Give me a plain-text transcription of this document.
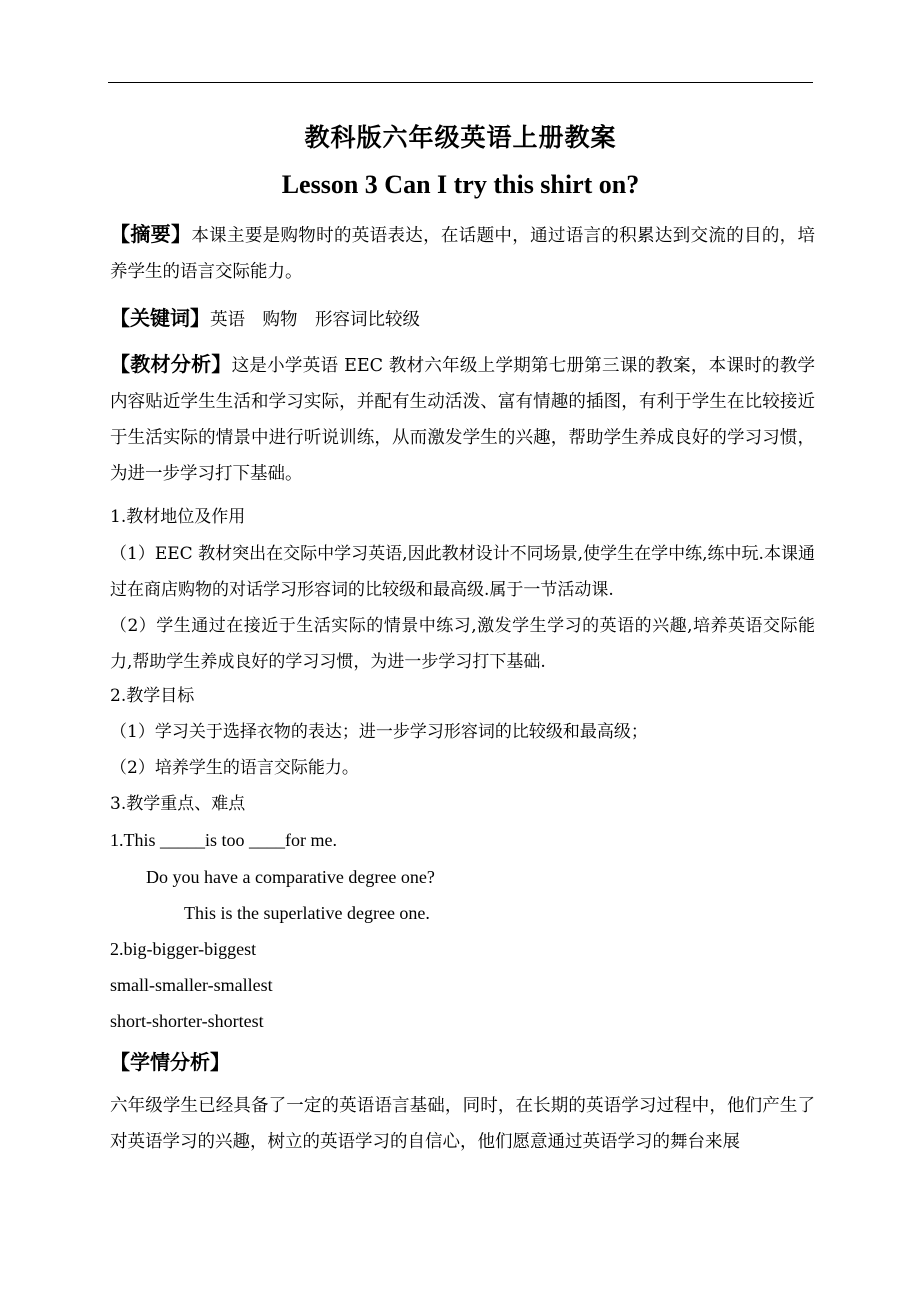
教科版六年级英语上册教案
Lesson 3 Can I try this shirt on?
【摘要】本课主要是购物时的英语表达，在话题中，通过语言的积累达到交流的目的，培养学生的语言交际能力。
【关键词】英语　购物　形容词比较级
【教材分析】这是小学英语 EEC 教材六年级上学期第七册第三课的教案，本课时的教学内容贴近学生生活和学习实际，并配有生动活泼、富有情趣的插图，有利于学生在比较接近于生活实际的情景中进行听说训练，从而激发学生的兴趣，帮助学生养成良好的学习习惯，为进一步学习打下基础。
1.教材地位及作用
（1）EEC 教材突出在交际中学习英语,因此教材设计不同场景,使学生在学中练,练中玩.本课通过在商店购物的对话学习形容词的比较级和最高级.属于一节活动课.
（2）学生通过在接近于生活实际的情景中练习,激发学生学习的英语的兴趣,培养英语交际能力,帮助学生养成良好的学习习惯，为进一步学习打下基础.
2.教学目标
（1）学习关于选择衣物的表达；进一步学习形容词的比较级和最高级；
（2）培养学生的语言交际能力。
3.教学重点、难点
1.This _____is too ____for me.
Do you have a comparative degree one?
This is the superlative degree one.
2.big-bigger-biggest
small-smaller-smallest
short-shorter-shortest
【学情分析】
六年级学生已经具备了一定的英语语言基础，同时，在长期的英语学习过程中，他们产生了对英语学习的兴趣，树立的英语学习的自信心，他们愿意通过英语学习的舞台来展
